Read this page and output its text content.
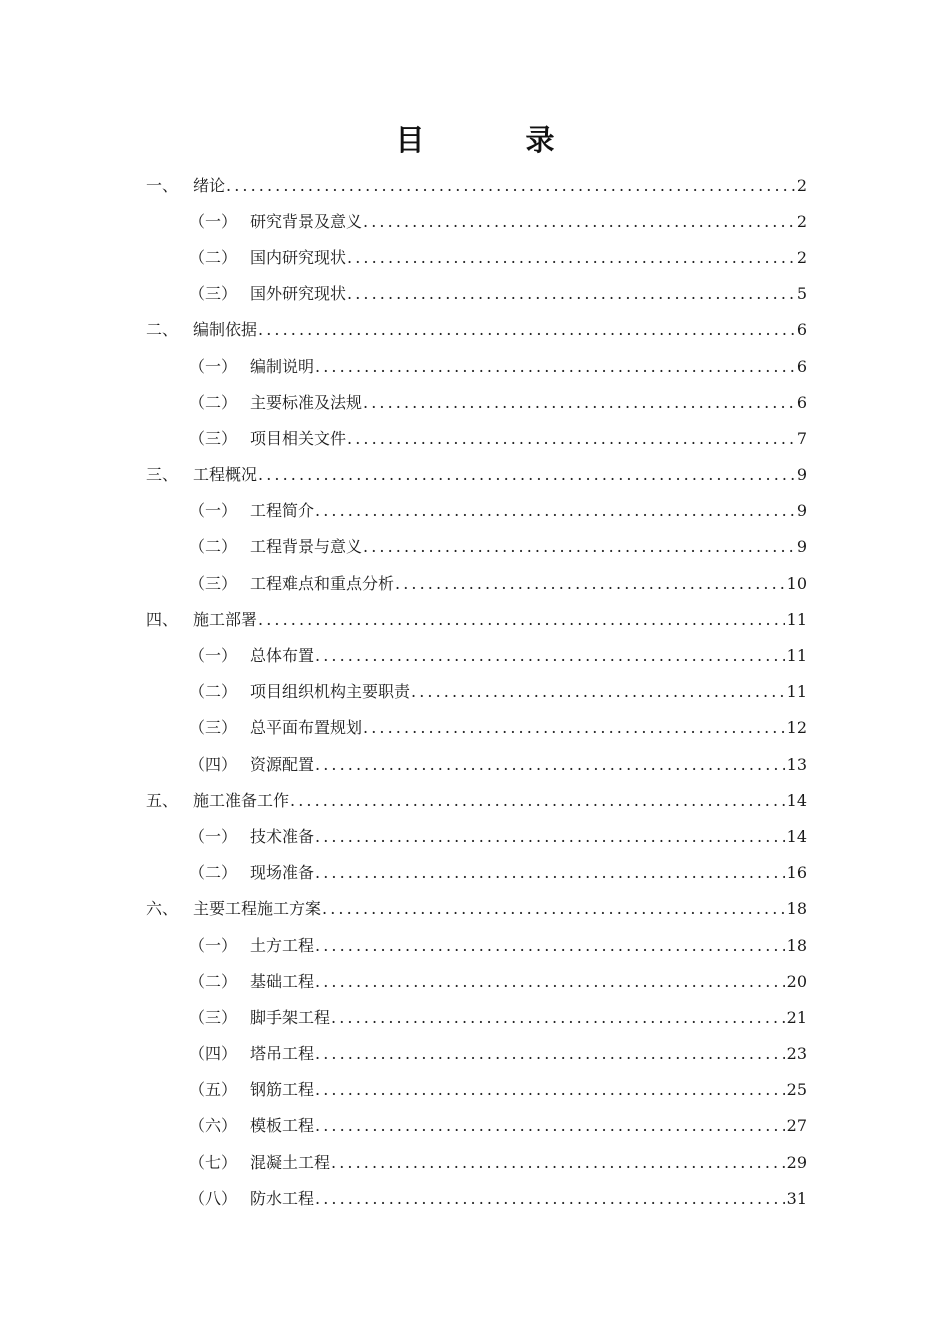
目　录
一、 绪论 .....	2
（一） 研究背景及意义 .....	2
（二） 国内研究现状 .....	2
（三） 国外研究现状 .....	5
二、 编制依据 .....	6
（一） 编制说明 .....	6
（二） 主要标准及法规 .....	6
（三） 项目相关文件 .....	7
三、 工程概况 .....	9
（一） 工程简介 .....	9
（二） 工程背景与意义 .....	9
（三） 工程难点和重点分析 .....	10
四、 施工部署 .....	11
（一） 总体布置 .....	11
（二） 项目组织机构主要职责 .....	11
（三） 总平面布置规划 .....	12
（四） 资源配置 .....	13
五、 施工准备工作 .....	14
（一） 技术准备 .....	14
（二） 现场准备 .....	16
六、 主要工程施工方案 .....	18
（一） 土方工程 .....	18
（二） 基础工程 .....	20
（三） 脚手架工程 .....	21
（四） 塔吊工程 .....	23
（五） 钢筋工程 .....	25
（六） 模板工程 .....	27
（七） 混凝土工程 .....	29
（八） 防水工程 .....	31
